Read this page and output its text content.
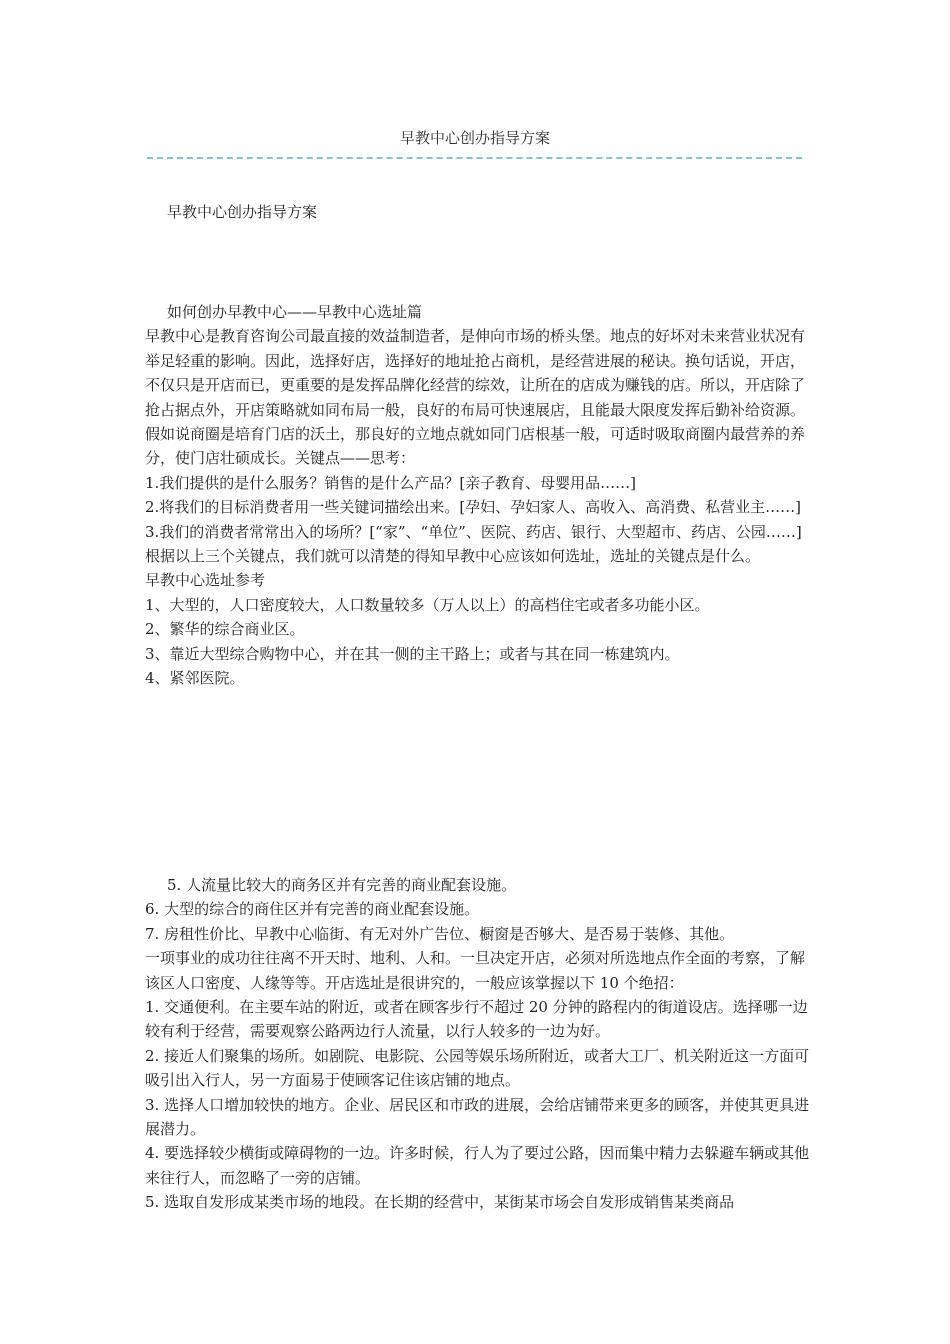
早教中心创办指导方案
早教中心创办指导方案

如何创办早教中心——早教中心选址篇

早教中心是教育咨询公司最直接的效益制造者，是伸向市场的桥头堡。地点的好坏对未来营业状况有举足轻重的影响。因此，选择好店，选择好的地址抢占商机，是经营进展的秘诀。换句话说，开店，不仅只是开店而已，更重要的是发挥品牌化经营的综效，让所在的店成为赚钱的店。所以，开店除了抢占据点外，开店策略就如同布局一般，良好的布局可快速展店，且能最大限度发挥后勤补给资源。假如说商圈是培育门店的沃土，那良好的立地点就如同门店根基一般，可适时吸取商圈内最营养的养分，使门店壮硕成长。关键点——思考：

1.我们提供的是什么服务？销售的是什么产品？[亲子教育、母婴用品……]

2.将我们的目标消费者用一些关键词描绘出来。[孕妇、孕妇家人、高收入、高消费、私营业主……]

3.我们的消费者常常出入的场所？[“家”、“单位”、医院、药店、银行、大型超市、药店、公园……]

根据以上三个关键点，我们就可以清楚的得知早教中心应该如何选址，选址的关键点是什么。

早教中心选址参考

1、大型的，人口密度较大，人口数量较多（万人以上）的高档住宅或者多功能小区。

2、繁华的综合商业区。

3、靠近大型综合购物中心，并在其一侧的主干路上；或者与其在同一栋建筑内。

4、紧邻医院。

5. 人流量比较大的商务区并有完善的商业配套设施。

6. 大型的综合的商住区并有完善的商业配套设施。

7. 房租性价比、早教中心临街、有无对外广告位、橱窗是否够大、是否易于装修、其他。

一项事业的成功往往离不开天时、地利、人和。一旦决定开店，必须对所选地点作全面的考察，了解该区人口密度、人缘等等。开店选址是很讲究的，一般应该掌握以下 10 个绝招：

1. 交通便利。在主要车站的附近，或者在顾客步行不超过 20 分钟的路程内的街道设店。选择哪一边较有利于经营，需要观察公路两边行人流量，以行人较多的一边为好。

2. 接近人们聚集的场所。如剧院、电影院、公园等娱乐场所附近，或者大工厂、机关附近这一方面可吸引出入行人，另一方面易于使顾客记住该店铺的地点。

3. 选择人口增加较快的地方。企业、居民区和市政的进展，会给店铺带来更多的顾客，并使其更具进展潜力。

4. 要选择较少横街或障碍物的一边。许多时候，行人为了要过公路，因而集中精力去躲避车辆或其他来往行人，而忽略了一旁的店铺。

5. 选取自发形成某类市场的地段。在长期的经营中，某街某市场会自发形成销售某类商品
